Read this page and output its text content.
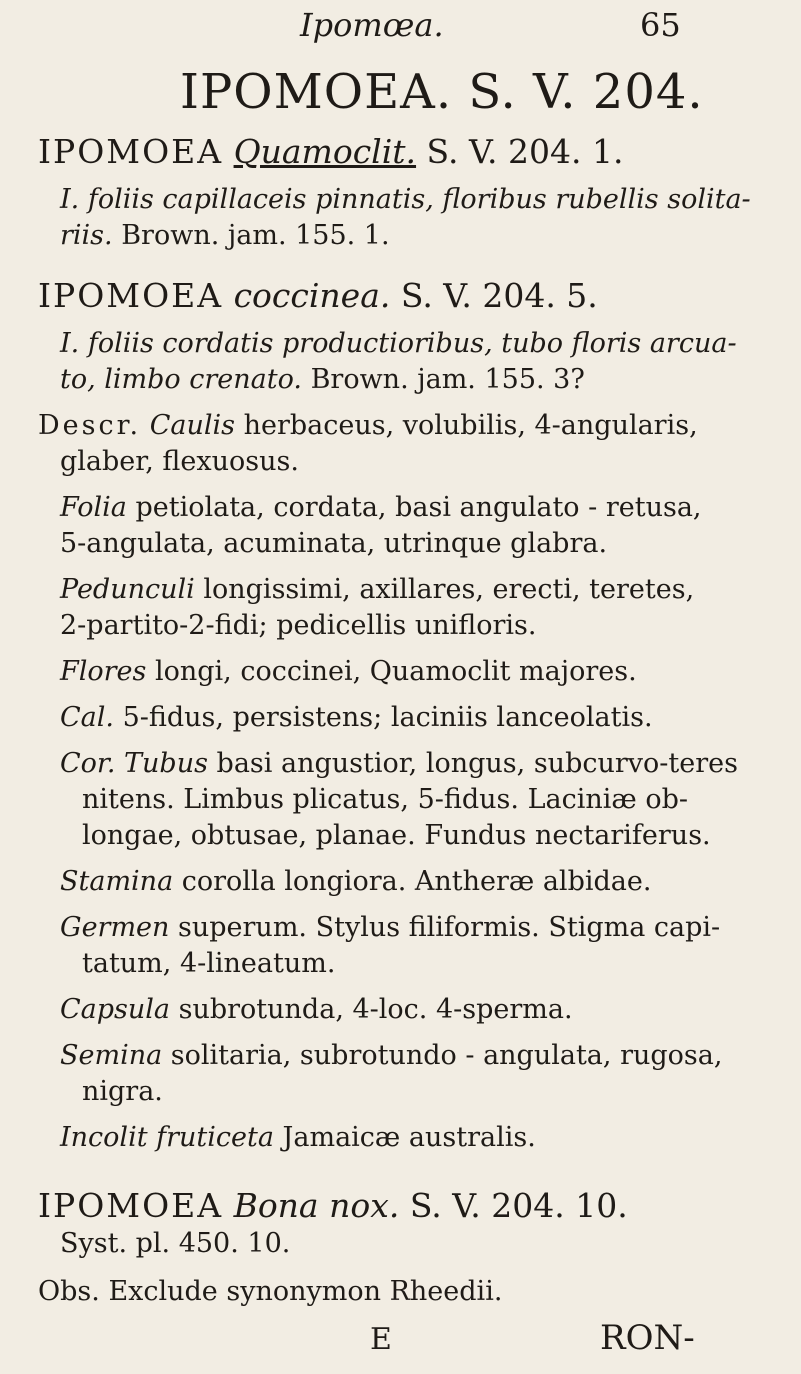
Ipomœa.	65
IPOMOEA. S. V. 204.
IPOMOEA Quamoclit. S. V. 204. 1.
I. foliis capillaceis pinnatis, floribus rubellis solita-
riis. Brown. jam. 155. 1.
IPOMOEA coccinea. S. V. 204. 5.
I. foliis cordatis productioribus, tubo floris arcua-
to, limbo crenato. Brown. jam. 155. 3?
Descr. Caulis herbaceus, volubilis, 4-angularis,
glaber, flexuosus.
Folia petiolata, cordata, basi angulato - retusa,
5-angulata, acuminata, utrinque glabra.
Pedunculi longissimi, axillares, erecti, teretes,
2-partito-2-fidi; pedicellis unifloris.
Flores longi, coccinei, Quamoclit majores.
Cal. 5-fidus, persistens; laciniis lanceolatis.
Cor. Tubus basi angustior, longus, subcurvo-teres
nitens. Limbus plicatus, 5-fidus. Laciniæ ob-
longae, obtusae, planae. Fundus nectariferus.
Stamina corolla longiora. Antheræ albidae.
Germen superum. Stylus filiformis. Stigma capi-
tatum, 4-lineatum.
Capsula subrotunda, 4-loc. 4-sperma.
Semina solitaria, subrotundo - angulata, rugosa,
nigra.
Incolit fruticeta Jamaicæ australis.
IPOMOEA Bona nox. S. V. 204. 10.
Syst. pl. 450. 10.
Obs. Exclude synonymon Rheedii.
E	RON-
